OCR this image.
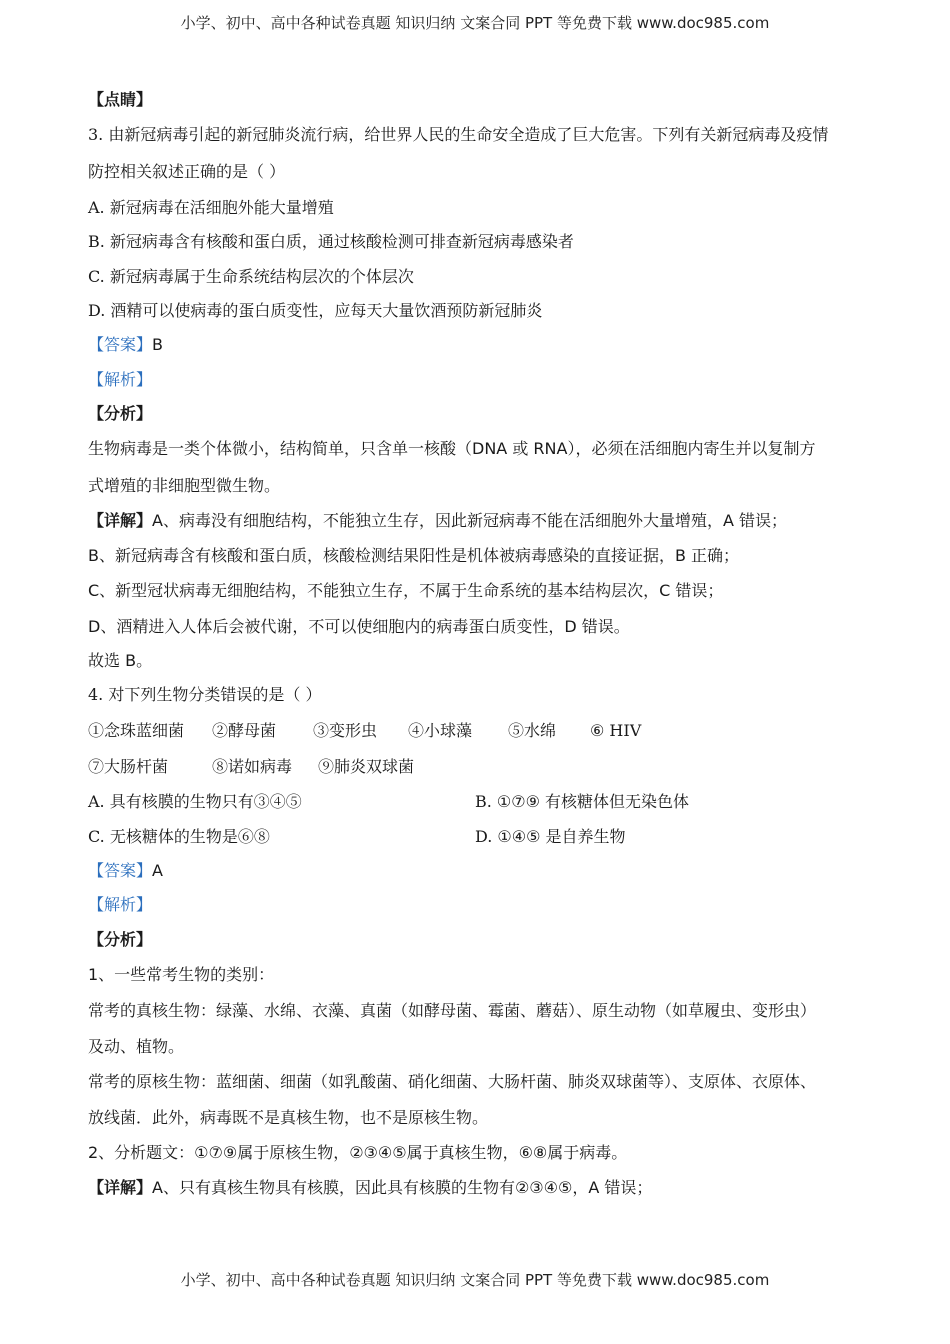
小学、初中、高中各种试卷真题 知识归纳 文案合同 PPT 等免费下载 www.doc985.com
【点睛】
3. 由新冠病毒引起的新冠肺炎流行病，给世界人民的生命安全造成了巨大危害。下列有关新冠病毒及疫情
防控相关叙述正确的是（ ）
A. 新冠病毒在活细胞外能大量增殖
B. 新冠病毒含有核酸和蛋白质，通过核酸检测可排查新冠病毒感染者
C. 新冠病毒属于生命系统结构层次的个体层次
D. 酒精可以使病毒的蛋白质变性，应每天大量饮酒预防新冠肺炎
【答案】B
【解析】
【分析】
生物病毒是一类个体微小，结构简单，只含单一核酸（DNA 或 RNA），必须在活细胞内寄生并以复制方
式增殖的非细胞型微生物。
【详解】A、病毒没有细胞结构，不能独立生存，因此新冠病毒不能在活细胞外大量增殖，A 错误；
B、新冠病毒含有核酸和蛋白质，核酸检测结果阳性是机体被病毒感染的直接证据，B 正确；
C、新型冠状病毒无细胞结构，不能独立生存，不属于生命系统的基本结构层次，C 错误；
D、酒精进入人体后会被代谢，不可以使细胞内的病毒蛋白质变性，D 错误。
故选 B。
4. 对下列生物分类错误的是（ ）
①念珠蓝细菌 ②酵母菌 ③变形虫 ④小球藻 ⑤水绵 ⑥ HIV
⑦大肠杆菌	⑧诺如病毒 ⑨肺炎双球菌
A. 具有核膜的生物只有③④⑤	B. ①⑦⑨ 有核糖体但无染色体
C. 无核糖体的生物是⑥⑧	D. ①④⑤ 是自养生物
【答案】A
【解析】
【分析】
1、一些常考生物的类别：
常考的真核生物：绿藻、水绵、衣藻、真菌（如酵母菌、霉菌、蘑菇）、原生动物（如草履虫、变形虫）
及动、植物。
常考的原核生物：蓝细菌、细菌（如乳酸菌、硝化细菌、大肠杆菌、肺炎双球菌等）、支原体、衣原体、
放线菌．此外，病毒既不是真核生物，也不是原核生物。
2、分析题文：①⑦⑨属于原核生物，②③④⑤属于真核生物，⑥⑧属于病毒。
【详解】A、只有真核生物具有核膜，因此具有核膜的生物有②③④⑤，A 错误；
小学、初中、高中各种试卷真题 知识归纳 文案合同 PPT 等免费下载 www.doc985.com
